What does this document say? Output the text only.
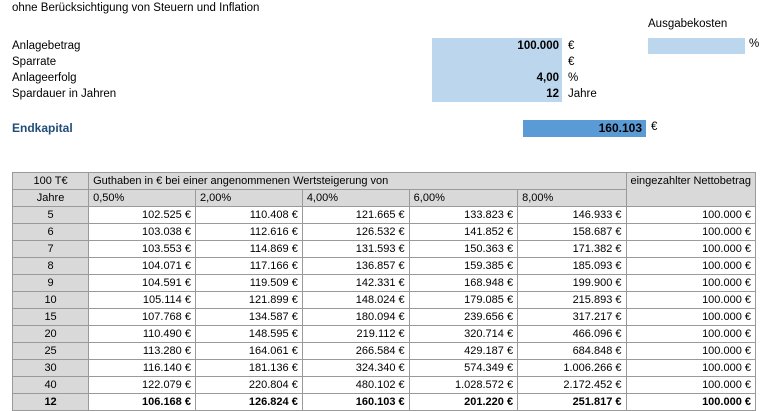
ohne Berücksichtigung von Steuern und Inflation
Anlagebetrag	100.000 €
Sparrate	€
Anlageerfolg	4,00 %
Spardauer in Jahren	12 Jahre
Ausgabekosten
%
Endkapital	160.103 €
100 T€	Guthaben in € bei einer angenommenen Wertsteigerung von					eingezahlter Nettobetrag

Jahre	0,50%	2,00%	4,00%	6,00%	8,00%	
5	102.525 €	110.408 €	121.665 €	133.823 €	146.933 €	100.000 €
6	103.038 €	112.616 €	126.532 €	141.852 €	158.687 €	100.000 €
7	103.553 €	114.869 €	131.593 €	150.363 €	171.382 €	100.000 €
8	104.071 €	117.166 €	136.857 €	159.385 €	185.093 €	100.000 €
9	104.591 €	119.509 €	142.331 €	168.948 €	199.900 €	100.000 €
10	105.114 €	121.899 €	148.024 €	179.085 €	215.893 €	100.000 €
15	107.768 €	134.587 €	180.094 €	239.656 €	317.217 €	100.000 €
20	110.490 €	148.595 €	219.112 €	320.714 €	466.096 €	100.000 €
25	113.280 €	164.061 €	266.584 €	429.187 €	684.848 €	100.000 €
30	116.140 €	181.136 €	324.340 €	574.349 €	1.006.266 €	100.000 €
40	122.079 €	220.804 €	480.102 €	1.028.572 €	2.172.452 €	100.000 €
12	106.168 €	126.824 €	160.103 €	201.220 €	251.817 €	100.000 €
